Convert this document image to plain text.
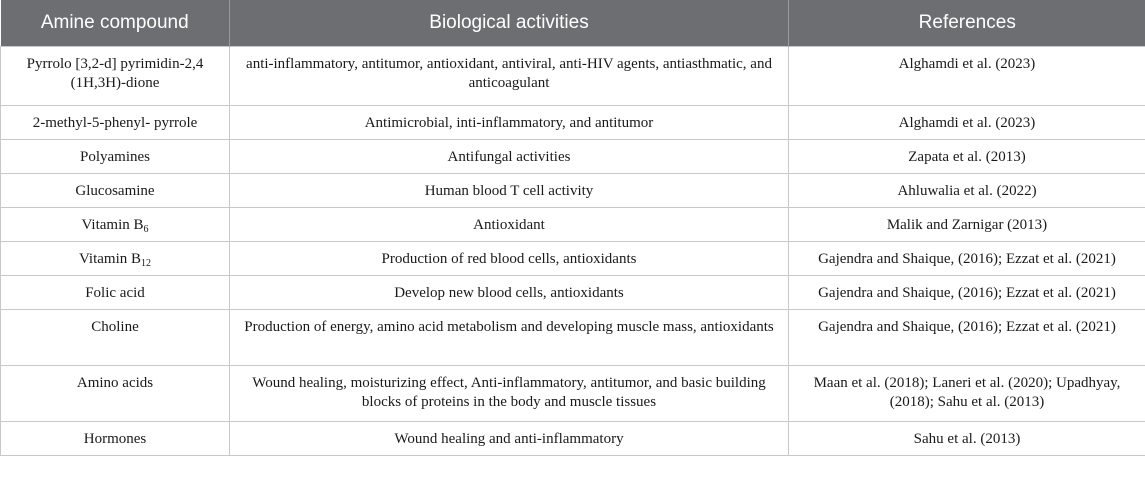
Amine compound	Biological activities	References
Pyrrolo [3,2-d] pyrimidin-2,4 (1H,3H)-dione	anti-inflammatory, antitumor, antioxidant, antiviral, anti-HIV agents, antiasthmatic, and anticoagulant	Alghamdi et al. (2023)
2-methyl-5-phenyl- pyrrole	Antimicrobial, inti-inflammatory, and antitumor	Alghamdi et al. (2023)
Polyamines	Antifungal activities	Zapata et al. (2013)
Glucosamine	Human blood T cell activity	Ahluwalia et al. (2022)
Vitamin $B_6$	Antioxidant	Malik and Zarnigar (2013)
Vitamin $B_{12}$	Production of red blood cells, antioxidants	Gajendra and Shaique, (2016); Ezzat et al. (2021)
Folic acid	Develop new blood cells, antioxidants	Gajendra and Shaique, (2016); Ezzat et al. (2021)
Choline	Production of energy, amino acid metabolism and developing muscle mass, antioxidants	Gajendra and Shaique, (2016); Ezzat et al. (2021)
Amino acids	Wound healing, moisturizing effect, Anti-inflammatory, antitumor, and basic building blocks of proteins in the body and muscle tissues	Maan et al. (2018); Laneri et al. (2020); Upadhyay, (2018); Sahu et al. (2013)
Hormones	Wound healing and anti-inflammatory	Sahu et al. (2013)
